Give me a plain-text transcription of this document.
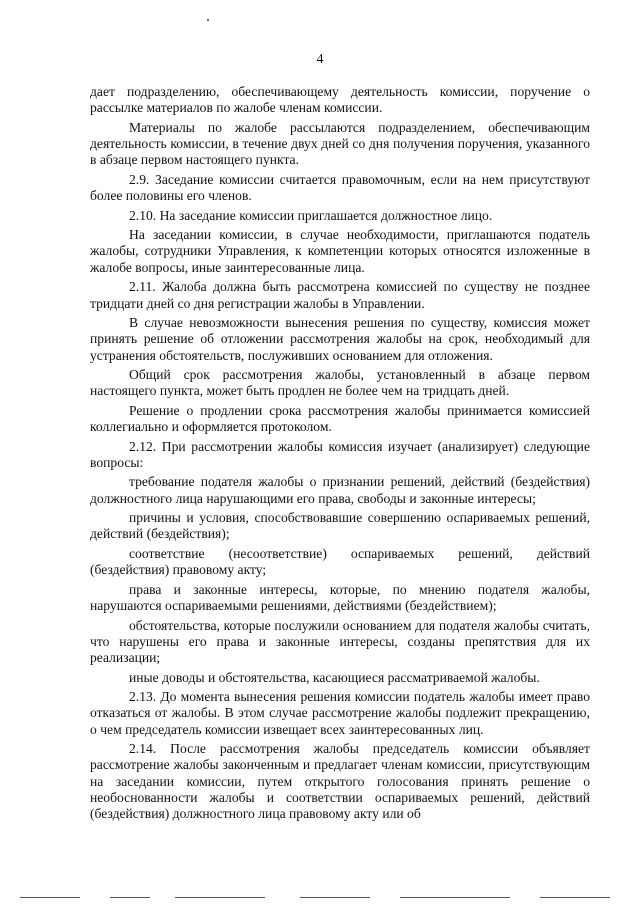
4

дает подразделению, обеспечивающему деятельность комиссии, поручение о рассылке материалов по жалобе членам комиссии.

Материалы по жалобе рассылаются подразделением, обеспечивающим деятельность комиссии, в течение двух дней со дня получения поручения, указанного в абзаце первом настоящего пункта.

2.9. Заседание комиссии считается правомочным, если на нем присутствуют более половины его членов.

2.10. На заседание комиссии приглашается должностное лицо.

На заседании комиссии, в случае необходимости, приглашаются податель жалобы, сотрудники Управления, к компетенции которых относятся изложенные в жалобе вопросы, иные заинтересованные лица.

2.11. Жалоба должна быть рассмотрена комиссией по существу не позднее тридцати дней со дня регистрации жалобы в Управлении.

В случае невозможности вынесения решения по существу, комиссия может принять решение об отложении рассмотрения жалобы на срок, необходимый для устранения обстоятельств, послуживших основанием для отложения.

Общий срок рассмотрения жалобы, установленный в абзаце первом настоящего пункта, может быть продлен не более чем на тридцать дней.

Решение о продлении срока рассмотрения жалобы принимается комиссией коллегиально и оформляется протоколом.

2.12. При рассмотрении жалобы комиссия изучает (анализирует) следующие вопросы:

требование подателя жалобы о признании решений, действий (бездействия) должностного лица нарушающими его права, свободы и законные интересы;

причины и условия, способствовавшие совершению оспариваемых решений, действий (бездействия);

соответствие (несоответствие) оспариваемых решений, действий (бездействия) правовому акту;

права и законные интересы, которые, по мнению подателя жалобы, нарушаются оспариваемыми решениями, действиями (бездействием);

обстоятельства, которые послужили основанием для подателя жалобы считать, что нарушены его права и законные интересы, созданы препятствия для их реализации;

иные доводы и обстоятельства, касающиеся рассматриваемой жалобы.

2.13. До момента вынесения решения комиссии податель жалобы имеет право отказаться от жалобы. В этом случае рассмотрение жалобы подлежит прекращению, о чем председатель комиссии извещает всех заинтересованных лиц.

2.14. После рассмотрения жалобы председатель комиссии объявляет рассмотрение жалобы законченным и предлагает членам комиссии, присутствующим на заседании комиссии, путем открытого голосования принять решение о необоснованности жалобы и соответствии оспариваемых решений, действий (бездействия) должностного лица правовому акту или об
